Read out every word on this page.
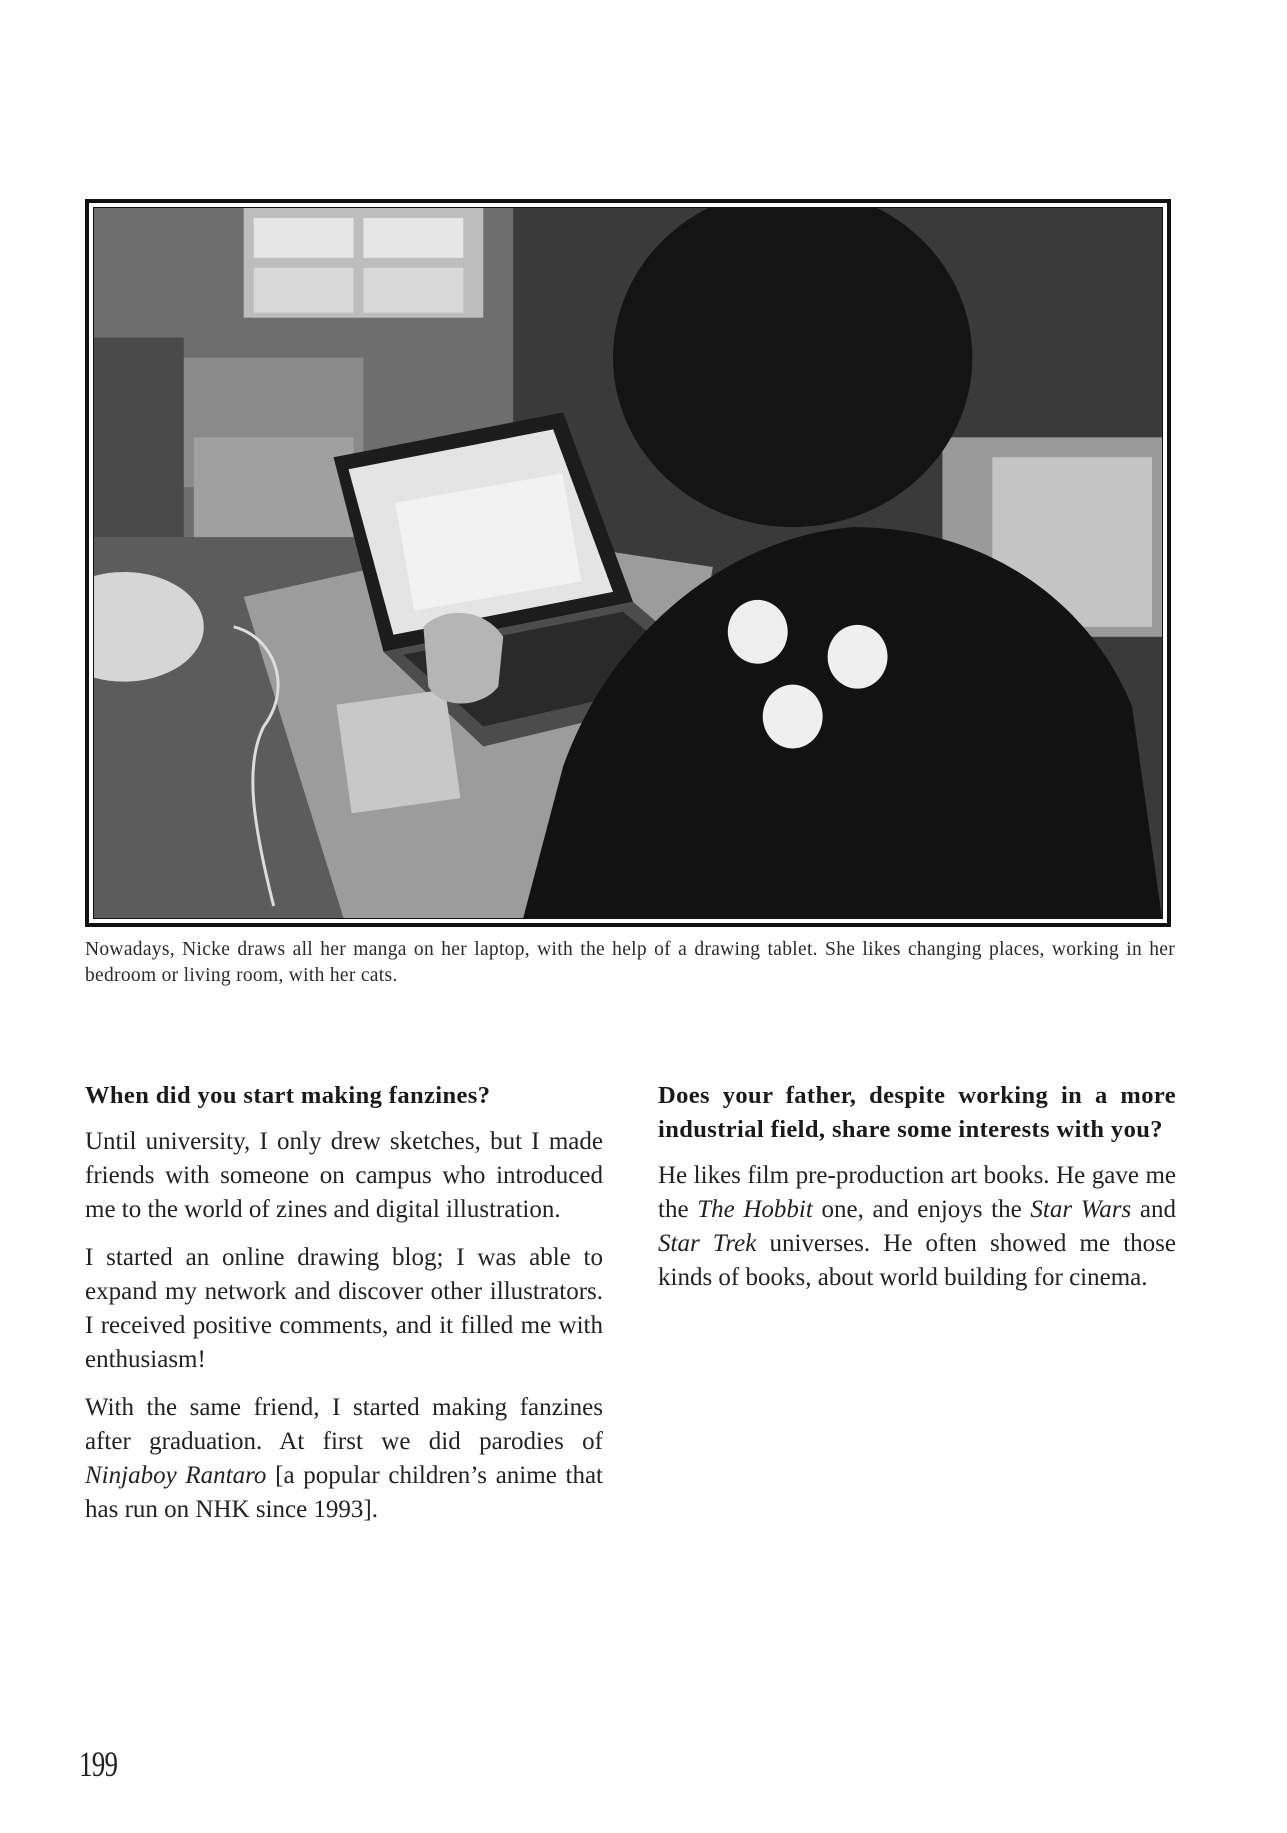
Nowadays, Nicke draws all her manga on her laptop, with the help of a drawing tablet. She likes changing places, working in her bedroom or living room, with her cats.
When did you start making fanzines?

Until university, I only drew sketches, but I made friends with someone on campus who introduced me to the world of zines and digital illustration.

I started an online drawing blog; I was able to expand my network and discover other illustrators. I received positive comments, and it filled me with enthusiasm!

With the same friend, I started making fanzines after graduation. At first we did parodies of Ninjaboy Rantaro [a popular children’s anime that has run on NHK since 1993].

Does your father, despite working in a more industrial field, share some interests with you?

He likes film pre-production art books. He gave me the The Hobbit one, and enjoys the Star Wars and Star Trek universes. He often showed me those kinds of books, about world building for cinema.

199
